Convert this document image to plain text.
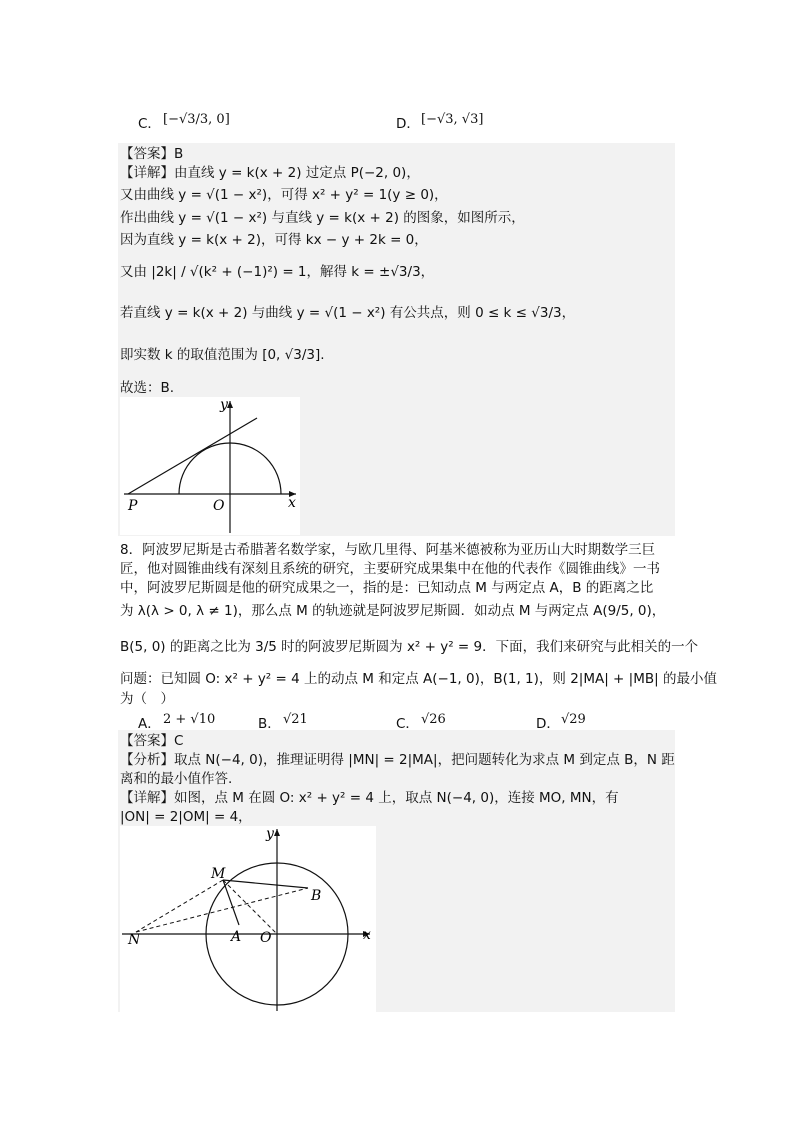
C． [−√3/3, 0]	D． [−√3, √3]
【答案】B
【详解】由直线 y = k(x + 2) 过定点 P(−2, 0)，
又由曲线 y = √(1 − x²)，可得 x² + y² = 1(y ≥ 0)，
作出曲线 y = √(1 − x²) 与直线 y = k(x + 2) 的图象，如图所示，
因为直线 y = k(x + 2)，可得 kx − y + 2k = 0，
又由 |2k| / √(k² + (−1)²) = 1，解得 k = ±√3/3，
若直线 y = k(x + 2) 与曲线 y = √(1 − x²) 有公共点，则 0 ≤ k ≤ √3/3，
即实数 k 的取值范围为 [0, √3/3].
故选：B.
y
x
P	O
8．阿波罗尼斯是古希腊著名数学家，与欧几里得、阿基米德被称为亚历山大时期数学三巨
匠，他对圆锥曲线有深刻且系统的研究，主要研究成果集中在他的代表作《圆锥曲线》一书
中，阿波罗尼斯圆是他的研究成果之一，指的是：已知动点 M 与两定点 A，B 的距离之比
为 λ(λ > 0, λ ≠ 1)，那么点 M 的轨迹就是阿波罗尼斯圆．如动点 M 与两定点 A(9/5, 0)，
B(5, 0) 的距离之比为 3/5 时的阿波罗尼斯圆为 x² + y² = 9．下面，我们来研究与此相关的一个
问题：已知圆 O: x² + y² = 4 上的动点 M 和定点 A(−1, 0)，B(1, 1)，则 2|MA| + |MB| 的最小值
为（　）
A． 2 + √10	B． √21	C． √26	D． √29
【答案】C
【分析】取点 N(−4, 0)，推理证明得 |MN| = 2|MA|，把问题转化为求点 M 到定点 B，N 距
离和的最小值作答.
【详解】如图，点 M 在圆 O: x² + y² = 4 上，取点 N(−4, 0)，连接 MO, MN，有
|ON| = 2|OM| = 4，
y
x
M
B
N	A O
